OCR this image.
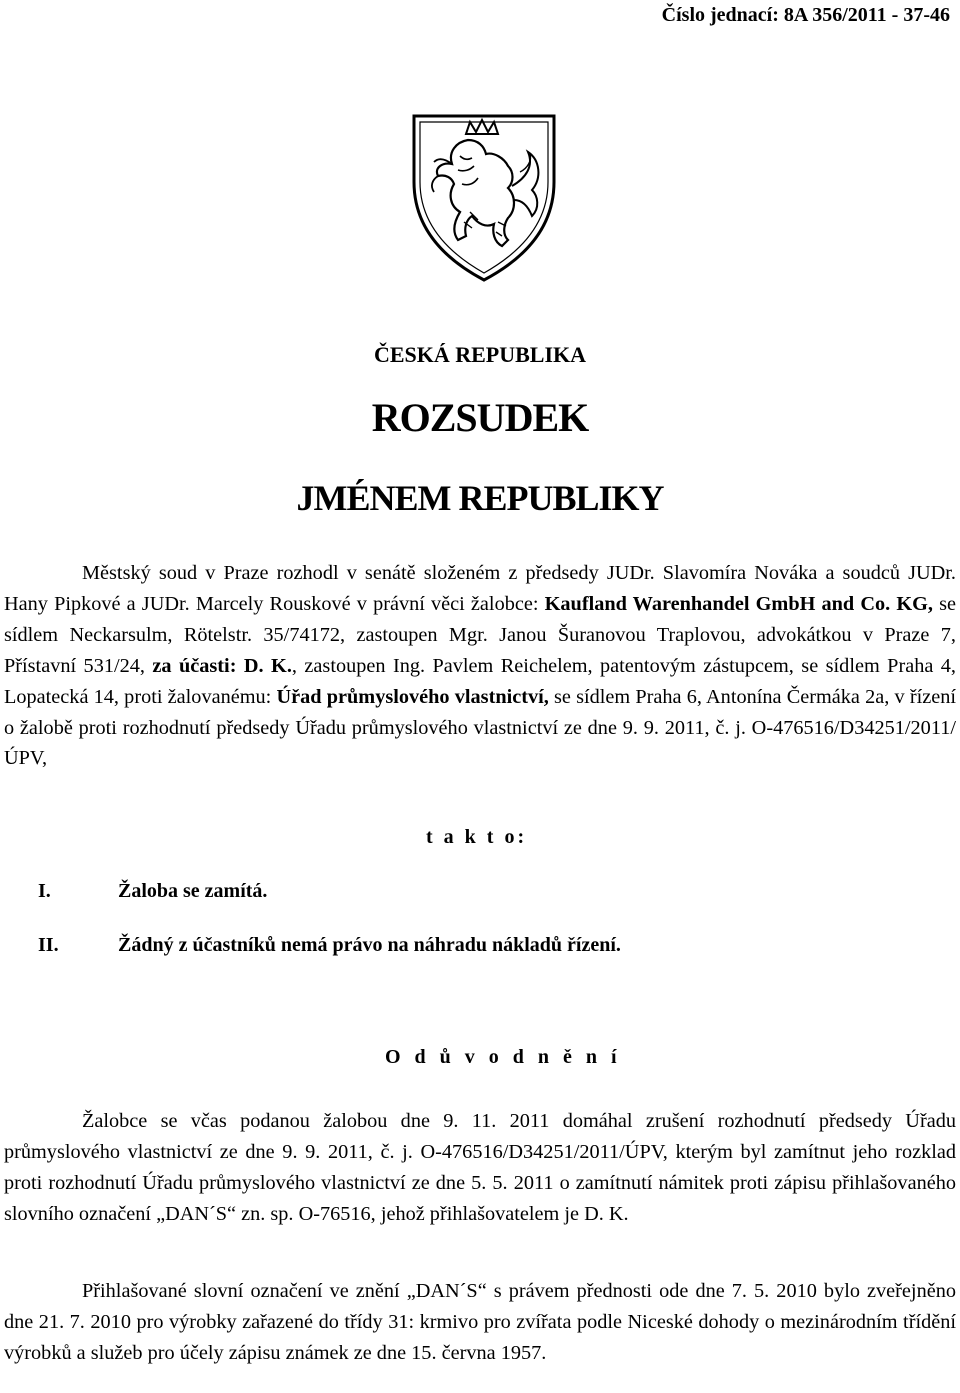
Číslo jednací: 8A 356/2011 - 37-46
ČESKÁ REPUBLIKA
ROZSUDEK
JMÉNEM REPUBLIKY
Městský soud v Praze rozhodl v senátě složeném z předsedy JUDr. Slavomíra Nováka a soudců JUDr. Hany Pipkové a JUDr. Marcely Rouskové v právní věci žalobce: Kaufland Warenhandel GmbH and Co. KG, se sídlem Neckarsulm, Rötelstr. 35/74172, zastoupen Mgr. Janou Šuranovou Traplovou, advokátkou v Praze 7, Přístavní 531/24, za účasti: D. K., zastoupen Ing. Pavlem Reichelem, patentovým zástupcem, se sídlem Praha 4, Lopatecká 14, proti žalovanému: Úřad průmyslového vlastnictví, se sídlem Praha 6, Antonína Čermáka 2a, v řízení o žalobě proti rozhodnutí předsedy Úřadu průmyslového vlastnictví ze dne 9. 9. 2011, č. j. O-476516/D34251/2011/ÚPV,
t a k t o:
I.	Žaloba se zamítá.
II.	Žádný z účastníků nemá právo na náhradu nákladů řízení.
O d ů v o d n ě n í
Žalobce se včas podanou žalobou dne 9. 11. 2011 domáhal zrušení rozhodnutí předsedy Úřadu průmyslového vlastnictví ze dne 9. 9. 2011, č. j. O-476516/D34251/2011/ÚPV, kterým byl zamítnut jeho rozklad proti rozhodnutí Úřadu průmyslového vlastnictví ze dne 5. 5. 2011 o zamítnutí námitek proti zápisu přihlašovaného slovního označení „DAN´S“ zn. sp. O-76516, jehož přihlašovatelem je D. K.
Přihlašované slovní označení ve znění „DAN´S“ s právem přednosti ode dne 7. 5. 2010 bylo zveřejněno dne 21. 7. 2010 pro výrobky zařazené do třídy 31: krmivo pro zvířata podle Niceské dohody o mezinárodním třídění výrobků a služeb pro účely zápisu známek ze dne 15. června 1957.
